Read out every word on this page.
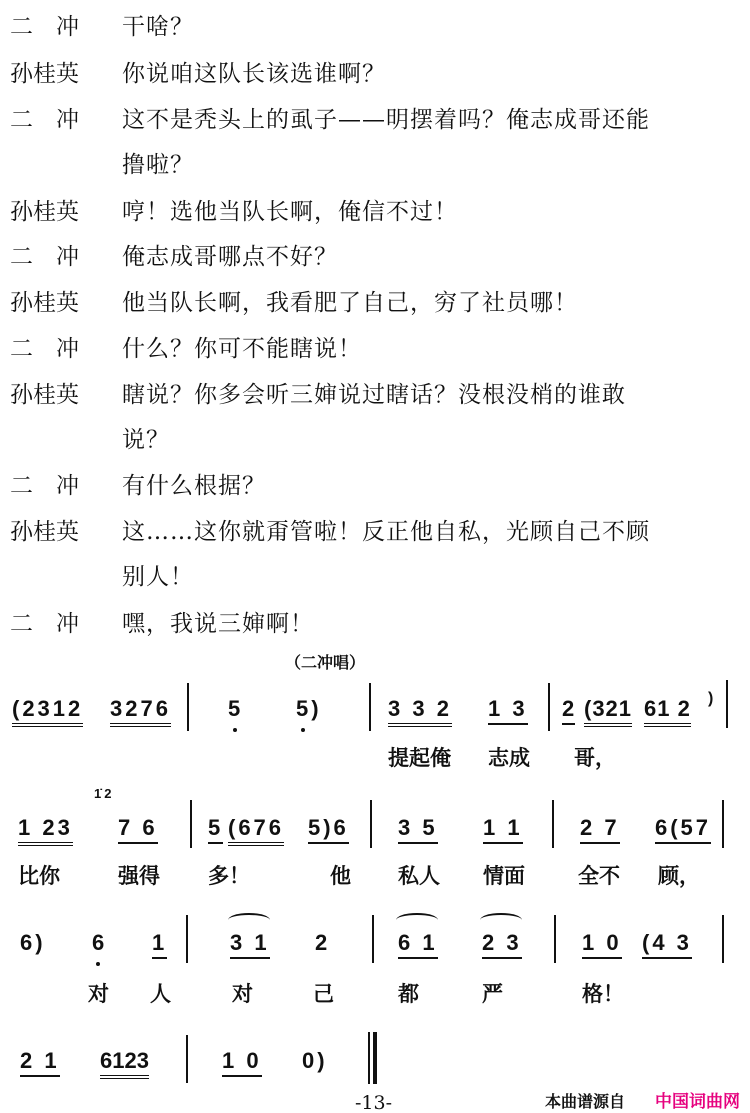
二　冲	干啥？
孙桂英	你说咱这队长该选谁啊？
二　冲	这不是秃头上的虱子——明摆着吗？俺志成哥还能
撸啦？
孙桂英	哼！选他当队长啊，俺信不过！
二　冲	俺志成哥哪点不好？
孙桂英	他当队长啊，我看肥了自己，穷了社员哪！
二　冲	什么？你可不能瞎说！
孙桂英	瞎说？你多会听三婶说过瞎话？没根没梢的谁敢
说？
二　冲	有什么根据？
孙桂英	这……这你就甭管啦！反正他自私，光顾自己不顾
别人！
二　冲	嘿，我说三婶啊！
（二冲唱）
(2312 3276	5 5)	3 3 2 1 3 2 (321 61 2 )
提起俺 志成 哥，
1̇2
1 23 7 6 5 (676 5)6 3 5 1 1	2 7 6(57
比你	强得 多！	他 私人 情面	全不 顾，
6) 6 1	3 1 2	6 1 2 3	1 0 (4 3
对 人	对	己	都	严	格！
2 1 6123	1 0 0)
-13-	本曲谱源自 中国词曲网
